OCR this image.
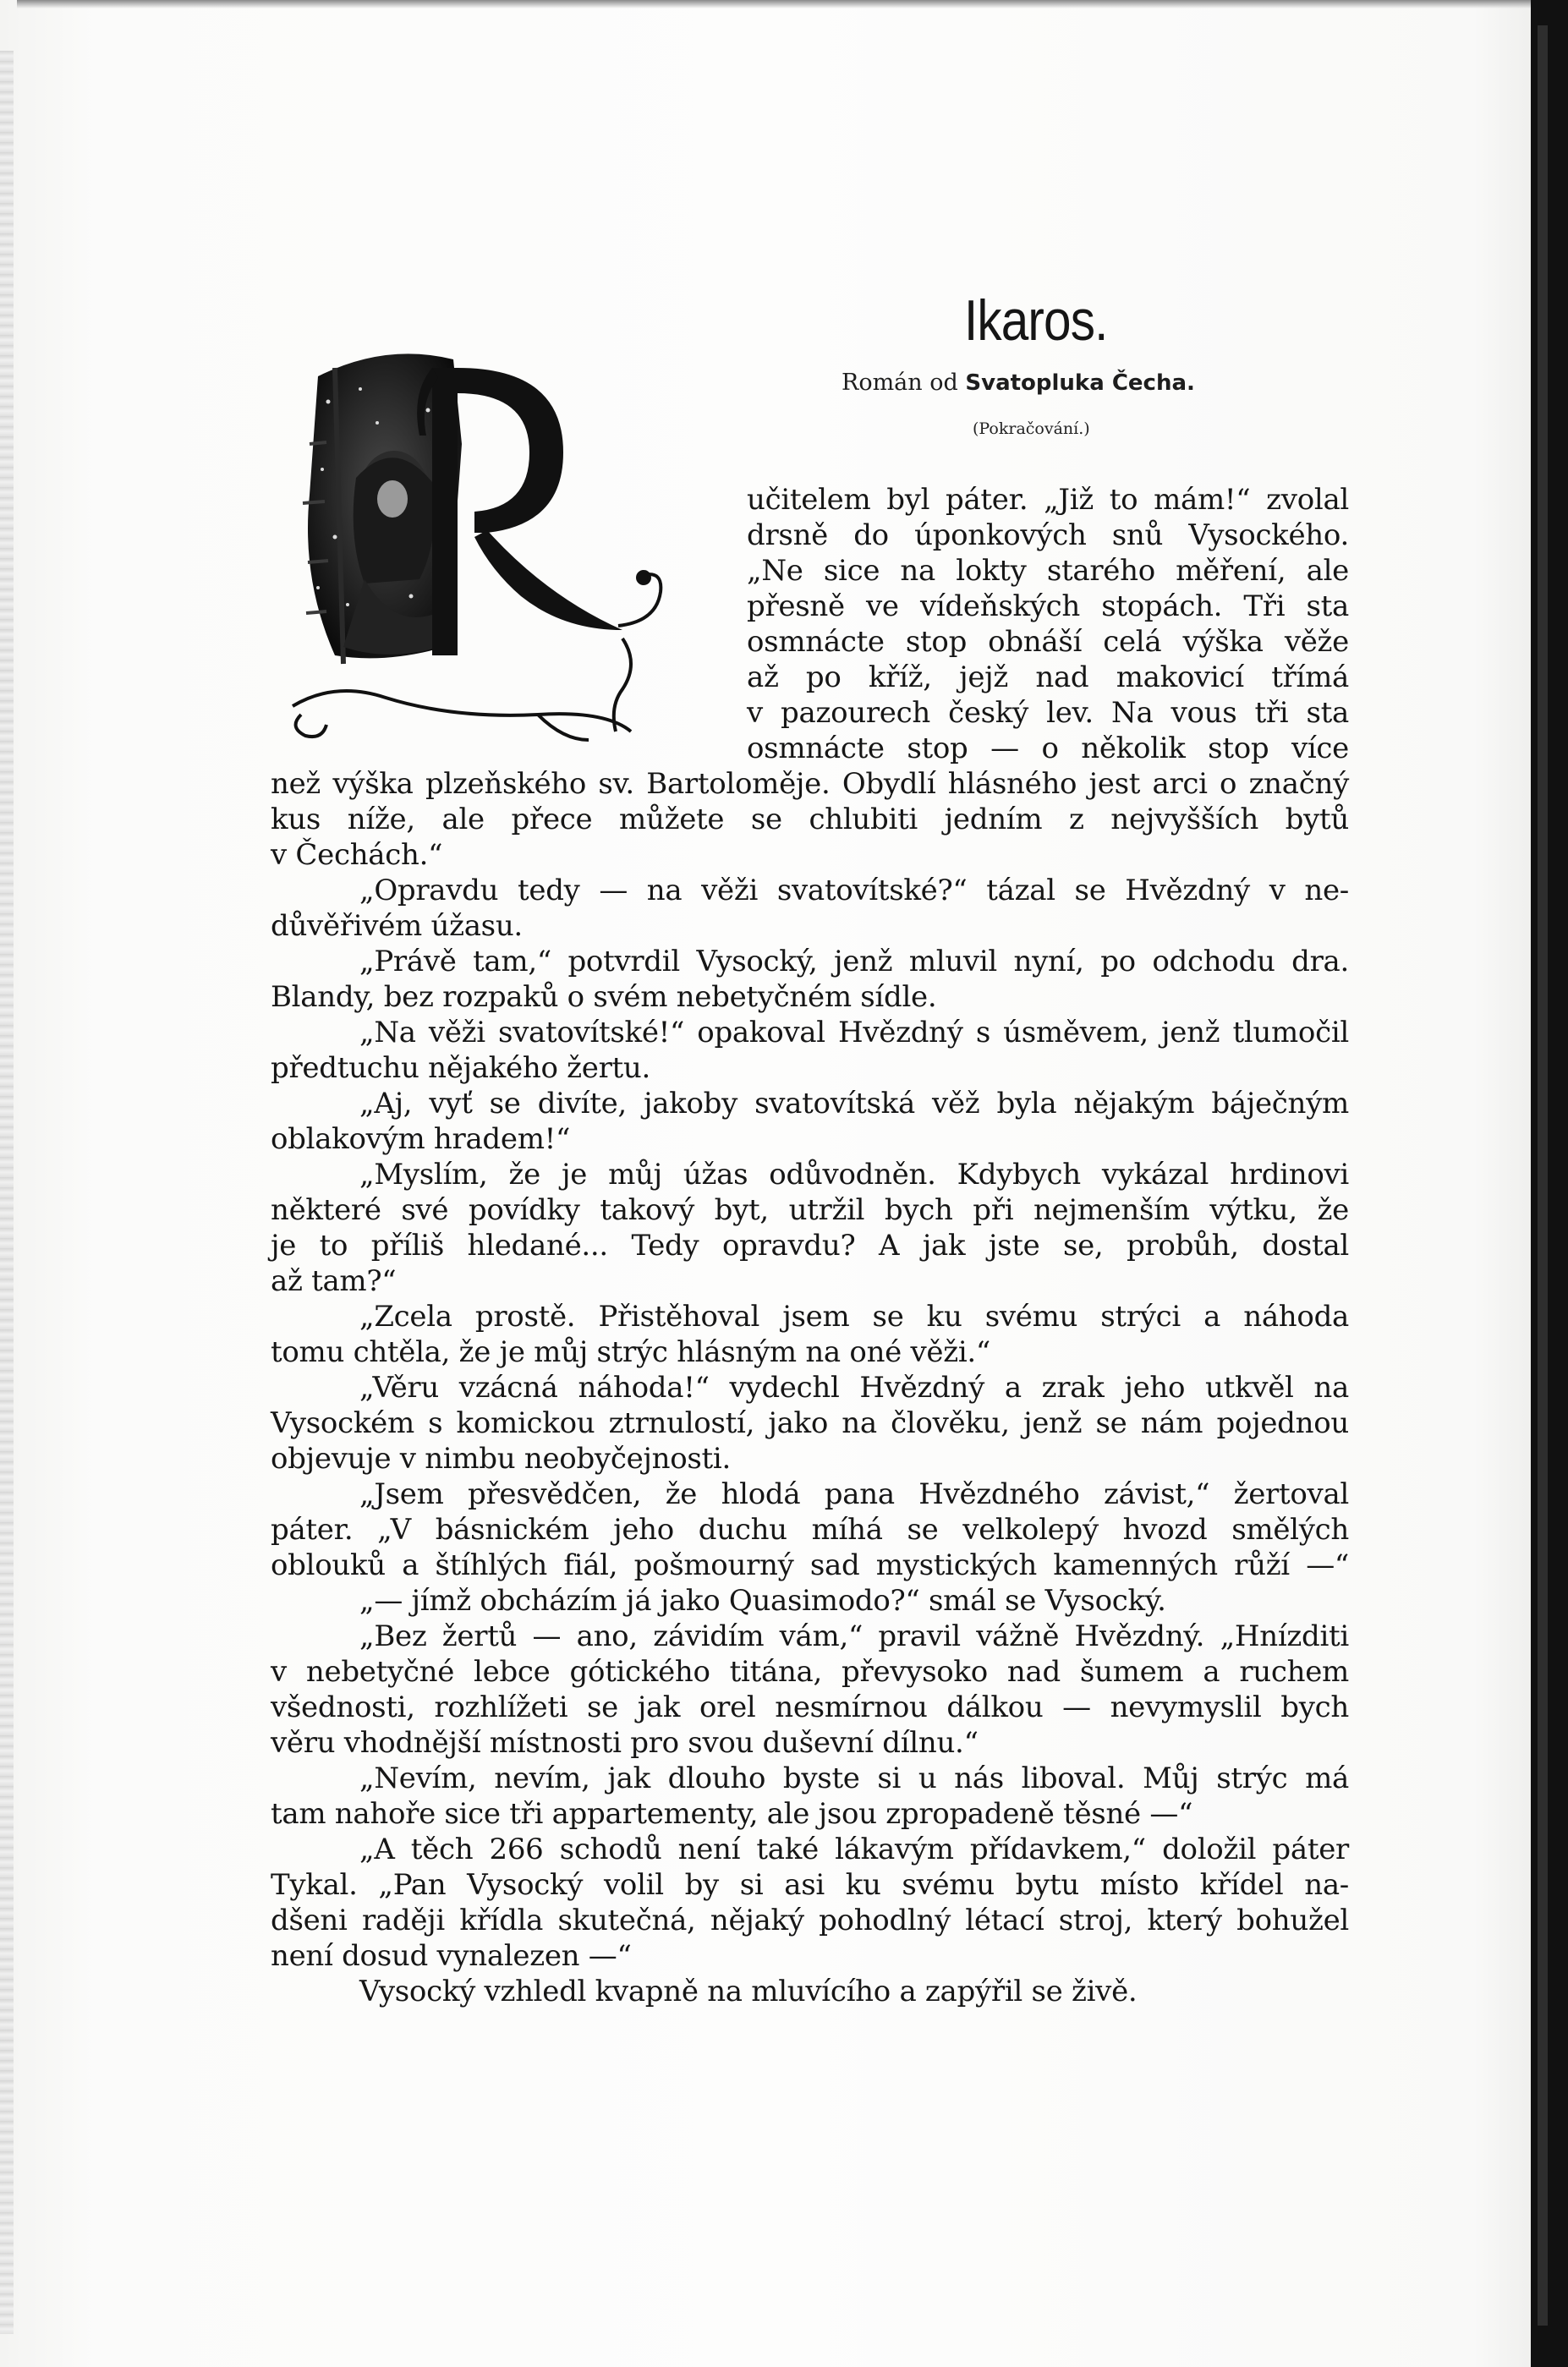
Ikaros.
Román od Svatopluka Čecha.
(Pokračování.)
učitelem byl páter. „Již to mám!“ zvolal
drsně do úponkových snů Vysockého.
„Ne sice na lokty starého měření, ale
přesně ve vídeňských stopách. Tři sta
osmnácte stop obnáší celá výška věže
až po kříž, jejž nad makovicí třímá
v pazourech český lev. Na vous tři sta
osmnácte stop — o několik stop více
než výška plzeňského sv. Bartoloměje. Obydlí hlásného jest arci o značný
kus níže, ale přece můžete se chlubiti jedním z nejvyšších bytů
v Čechách.“
„Opravdu tedy — na věži svatovítské?“ tázal se Hvězdný v ne-
důvěřivém úžasu.
„Právě tam,“ potvrdil Vysocký, jenž mluvil nyní, po odchodu dra.
Blandy, bez rozpaků o svém nebetyčném sídle.
„Na věži svatovítské!“ opakoval Hvězdný s úsměvem, jenž tlumočil
předtuchu nějakého žertu.
„Aj, vyť se divíte, jakoby svatovítská věž byla nějakým báječným
oblakovým hradem!“
„Myslím, že je můj úžas odůvodněn. Kdybych vykázal hrdinovi
některé své povídky takový byt, utržil bych při nejmenším výtku, že
je to příliš hledané... Tedy opravdu? A jak jste se, probůh, dostal
až tam?“
„Zcela prostě. Přistěhoval jsem se ku svému strýci a náhoda
tomu chtěla, že je můj strýc hlásným na oné věži.“
„Věru vzácná náhoda!“ vydechl Hvězdný a zrak jeho utkvěl na
Vysockém s komickou ztrnulostí, jako na člověku, jenž se nám pojednou
objevuje v nimbu neobyčejnosti.
„Jsem přesvědčen, že hlodá pana Hvězdného závist,“ žertoval
páter. „V básnickém jeho duchu míhá se velkolepý hvozd smělých
oblouků a štíhlých fiál, pošmourný sad mystických kamenných růží —“
„— jímž obcházím já jako Quasimodo?“ smál se Vysocký.
„Bez žertů — ano, závidím vám,“ pravil vážně Hvězdný. „Hnízditi
v nebetyčné lebce gótického titána, převysoko nad šumem a ruchem
všednosti, rozhlížeti se jak orel nesmírnou dálkou — nevymyslil bych
věru vhodnější místnosti pro svou duševní dílnu.“
„Nevím, nevím, jak dlouho byste si u nás liboval. Můj strýc má
tam nahoře sice tři appartementy, ale jsou zpropadeně těsné —“
„A těch 266 schodů není také lákavým přídavkem,“ doložil páter
Tykal. „Pan Vysocký volil by si asi ku svému bytu místo křídel na-
dšeni raději křídla skutečná, nějaký pohodlný létací stroj, který bohužel
není dosud vynalezen —“
Vysocký vzhledl kvapně na mluvícího a zapýřil se živě.
